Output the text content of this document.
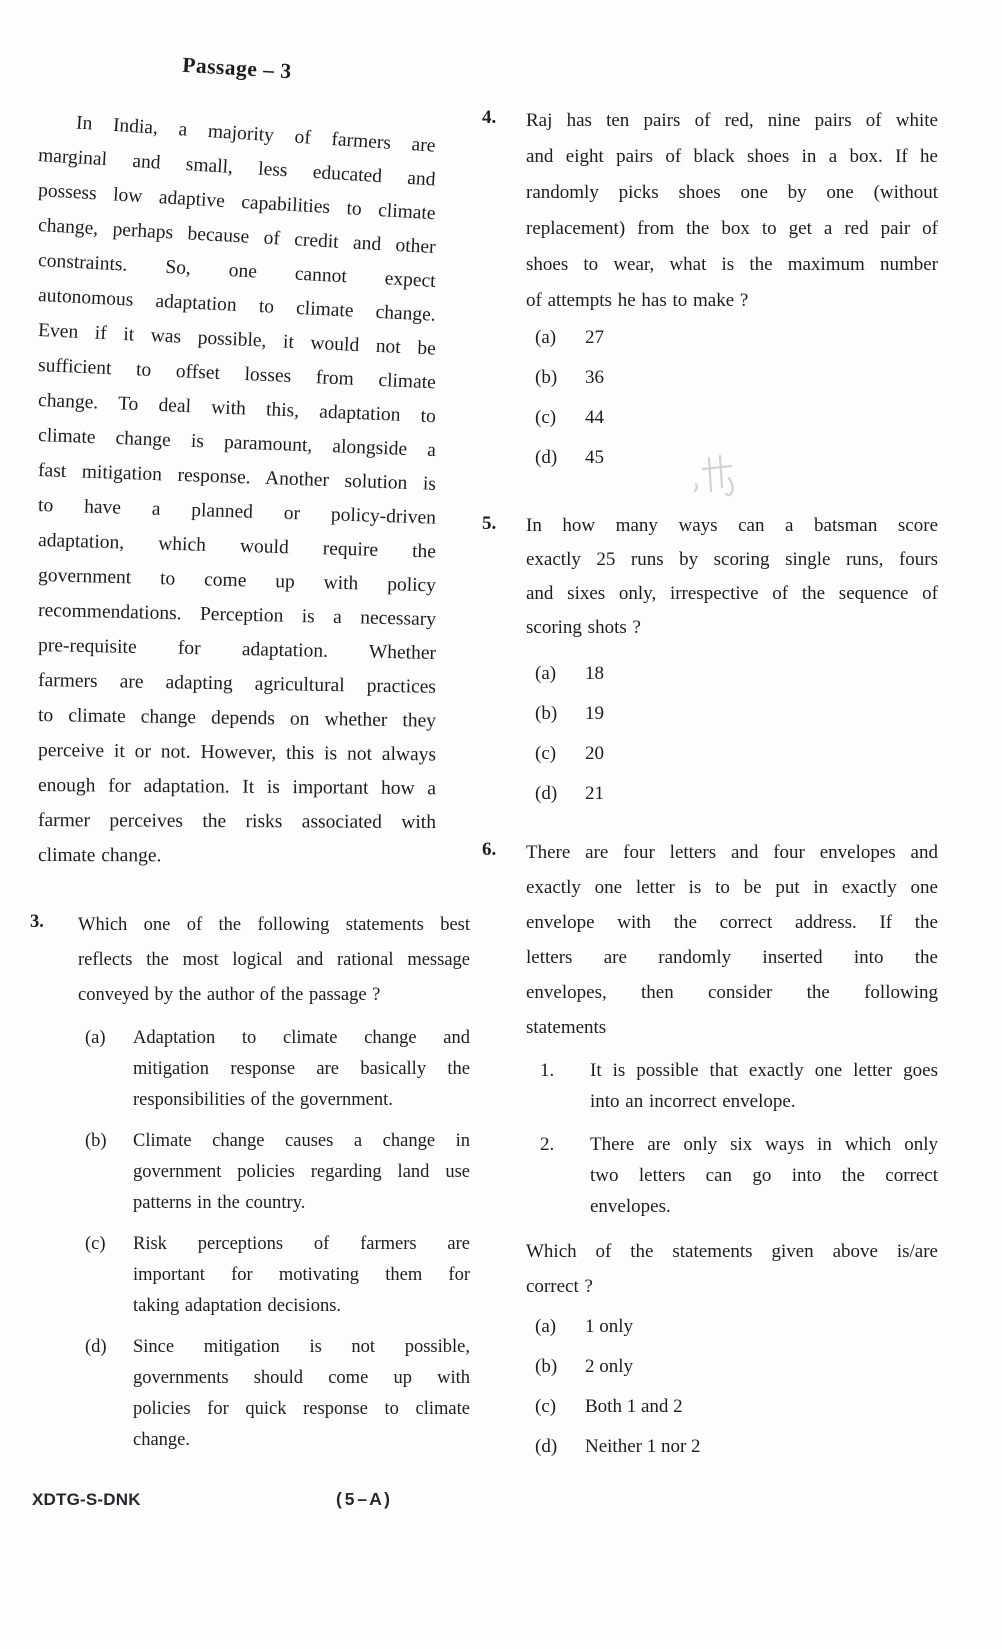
Passage – 3
In India, a majority of farmers are
marginal and small, less educated and
possess low adaptive capabilities to climate
change, perhaps because of credit and other
constraints. So, one cannot expect
autonomous adaptation to climate change.
Even if it was possible, it would not be
sufficient to offset losses from climate
change. To deal with this, adaptation to
climate change is paramount, alongside a
fast mitigation response. Another solution is
to have a planned or policy-driven
adaptation, which would require the
government to come up with policy
recommendations. Perception is a necessary
pre-requisite for adaptation. Whether
farmers are adapting agricultural practices
to climate change depends on whether they
perceive it or not. However, this is not always
enough for adaptation. It is important how a
farmer perceives the risks associated with
climate change.
3.	Which one of the following statements best
reflects the most logical and rational message
conveyed by the author of the passage ?
(a)	Adaptation to climate change and
mitigation response are basically the
responsibilities of the government.
(b)	Climate change causes a change in
government policies regarding land use
patterns in the country.
(c)	Risk perceptions of farmers are
important for motivating them for
taking adaptation decisions.
(d)	Since mitigation is not possible,
governments should come up with
policies for quick response to climate
change.
4.	Raj has ten pairs of red, nine pairs of white
and eight pairs of black shoes in a box. If he
randomly picks shoes one by one (without
replacement) from the box to get a red pair of
shoes to wear, what is the maximum number
of attempts he has to make ?
(a)	27
(b)	36
(c)	44
(d)	45
5.	In how many ways can a batsman score
exactly 25 runs by scoring single runs, fours
and sixes only, irrespective of the sequence of
scoring shots ?
(a)	18
(b)	19
(c)	20
(d)	21
6.	There are four letters and four envelopes and
exactly one letter is to be put in exactly one
envelope with the correct address. If the
letters are randomly inserted into the
envelopes, then consider the following
statements
1.	It is possible that exactly one letter goes
into an incorrect envelope.
2.	There are only six ways in which only
two letters can go into the correct
envelopes.
Which of the statements given above is/are
correct ?
(a)	1 only
(b)	2 only
(c)	Both 1 and 2
(d)	Neither 1 nor 2
XDTG-S-DNK	( 5 – A )
